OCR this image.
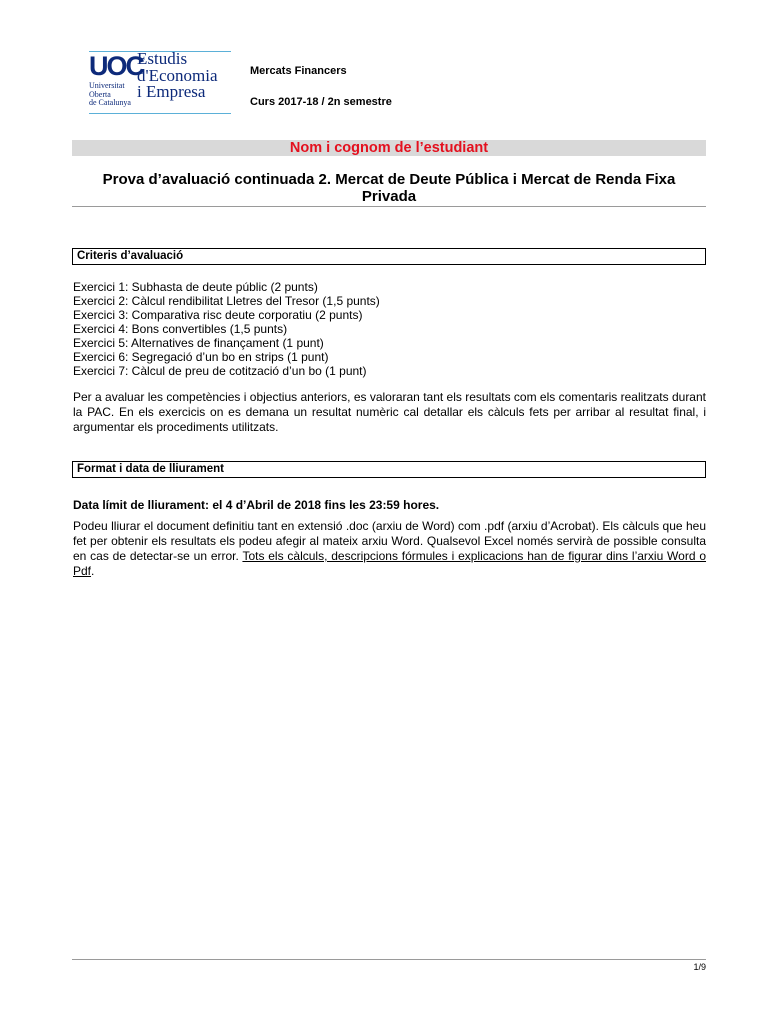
UOC
Universitat
Oberta
de Catalunya
Estudis
d'Economia
i Empresa
Mercats Financers
Curs 2017-18 / 2n semestre
Nom i cognom de l’estudiant
Prova d’avaluació continuada 2. Mercat de Deute Pública i Mercat de Renda Fixa
Privada
Criteris d’avaluació
Exercici 1: Subhasta de deute públic (2 punts)
Exercici 2: Càlcul rendibilitat Lletres del Tresor (1,5 punts)
Exercici 3: Comparativa risc deute corporatiu (2 punts)
Exercici 4: Bons convertibles (1,5 punts)
Exercici 5: Alternatives de finançament (1 punt)
Exercici 6: Segregació d’un bo en strips (1 punt)
Exercici 7: Càlcul de preu de cotització d’un bo (1 punt)
Per a avaluar les competències i objectius anteriors, es valoraran tant els resultats com els comentaris realitzats durant la PAC. En els exercicis on es demana un resultat numèric cal detallar els càlculs fets per arribar al resultat final, i argumentar els procediments utilitzats.
Format i data de lliurament
Data límit de lliurament: el 4 d’Abril de 2018 fins les 23:59 hores.
Podeu lliurar el document definitiu tant en extensió .doc (arxiu de Word) com .pdf (arxiu d’Acrobat). Els càlculs que heu fet per obtenir els resultats els podeu afegir al mateix arxiu Word. Qualsevol Excel només servirà de possible consulta en cas de detectar-se un error. Tots els càlculs, descripcions fórmules i explicacions han de figurar dins l’arxiu Word o Pdf.
1/9
